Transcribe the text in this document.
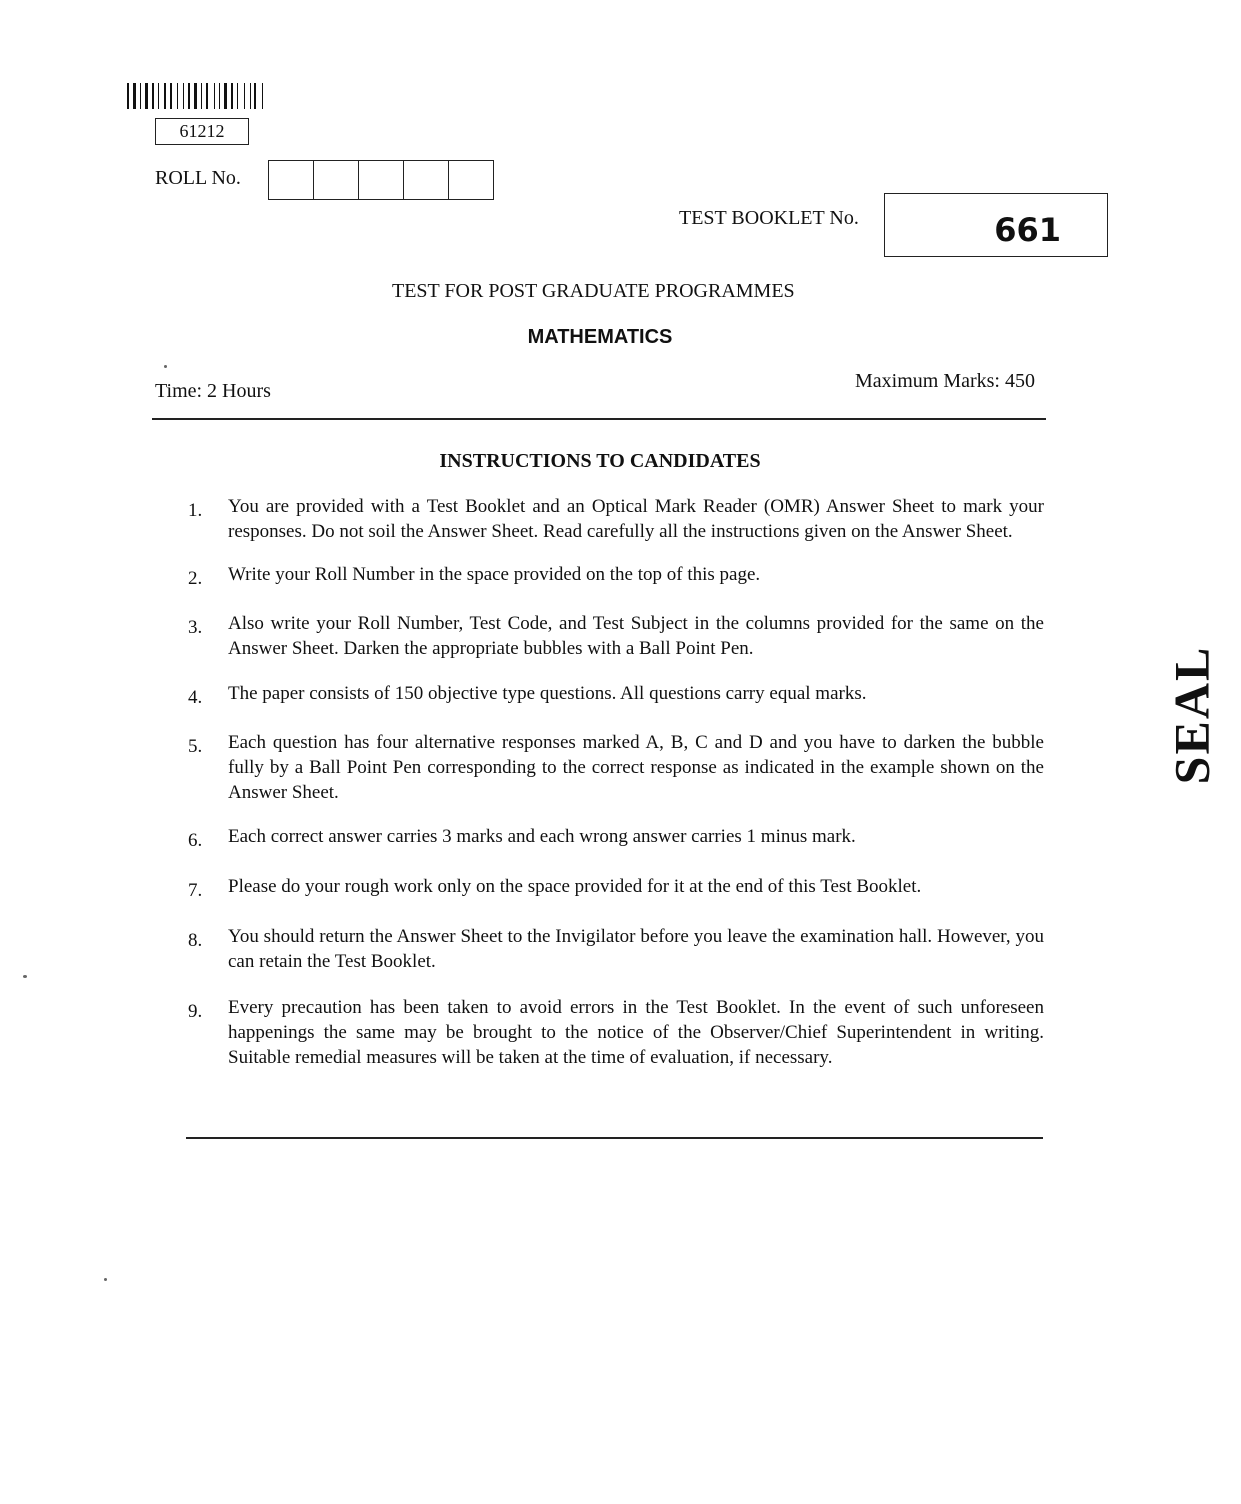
61212
ROLL No.
TEST BOOKLET No.	661
TEST FOR POST GRADUATE PROGRAMMES
MATHEMATICS
Time: 2 Hours	Maximum Marks: 450
INSTRUCTIONS TO CANDIDATES
1.	You are provided with a Test Booklet and an Optical Mark Reader (OMR) Answer Sheet to mark your responses. Do not soil the Answer Sheet. Read carefully all the instructions given on the Answer Sheet.
2.	Write your Roll Number in the space provided on the top of this page.
3.	Also write your Roll Number, Test Code, and Test Subject in the columns provided for the same on the Answer Sheet. Darken the appropriate bubbles with a Ball Point Pen.
4.	The paper consists of 150 objective type questions. All questions carry equal marks.
5.	Each question has four alternative responses marked A, B, C and D and you have to darken the bubble fully by a Ball Point Pen corresponding to the correct response as indicated in the example shown on the Answer Sheet.
6.	Each correct answer carries 3 marks and each wrong answer carries 1 minus mark.
7.	Please do your rough work only on the space provided for it at the end of this Test Booklet.
8.	You should return the Answer Sheet to the Invigilator before you leave the examination hall. However, you can retain the Test Booklet.
9.	Every precaution has been taken to avoid errors in the Test Booklet. In the event of such unforeseen happenings the same may be brought to the notice of the Observer/Chief Superintendent in writing. Suitable remedial measures will be taken at the time of evaluation, if necessary.
SEAL
